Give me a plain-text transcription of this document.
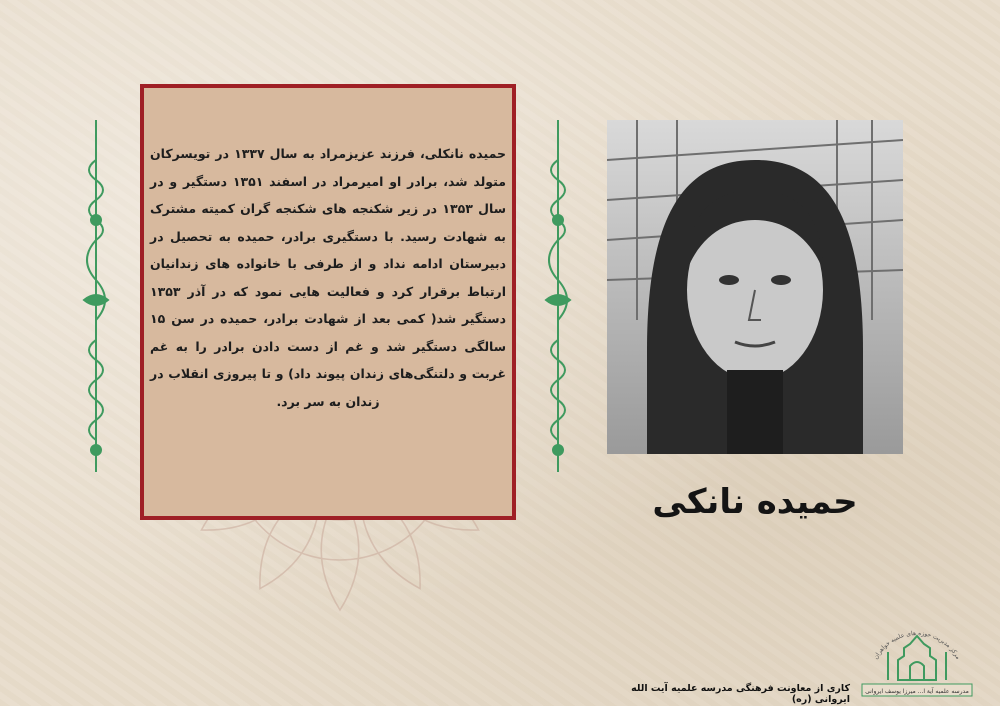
حمیده نانکلی، فرزند عزیزمراد به سال ۱۳۳۷ در تویسرکان متولد شد، برادر او امیرمراد در اسفند ۱۳۵۱ دستگیر و در سال ۱۳۵۳ در زیر شکنجه های شکنجه گران کمیته مشترک به شهادت رسید. با دستگیری برادر، حمیده به تحصیل در دبیرستان ادامه نداد و از طرفی با خانواده های زندانیان ارتباط برقرار کرد و فعالیت هایی نمود که در آذر ۱۳۵۳ دستگیر شد( کمی بعد از شهادت برادر، حمیده در سن ۱۵ سالگی دستگیر شد و غم از دست دادن برادر را به غم غربت و دلتنگی‌های زندان پیوند داد) و تا پیروزی انقلاب در زندان به سر برد.
حمیده نانکی
کاری از معاونت فرهنگی مدرسه علمیه آیت الله ایروانی (ره)
مرکز مدیریت حوزه های علمیه خواهران
مدرسه علمیه آیة ا... میرزا یوسف ایروانی
